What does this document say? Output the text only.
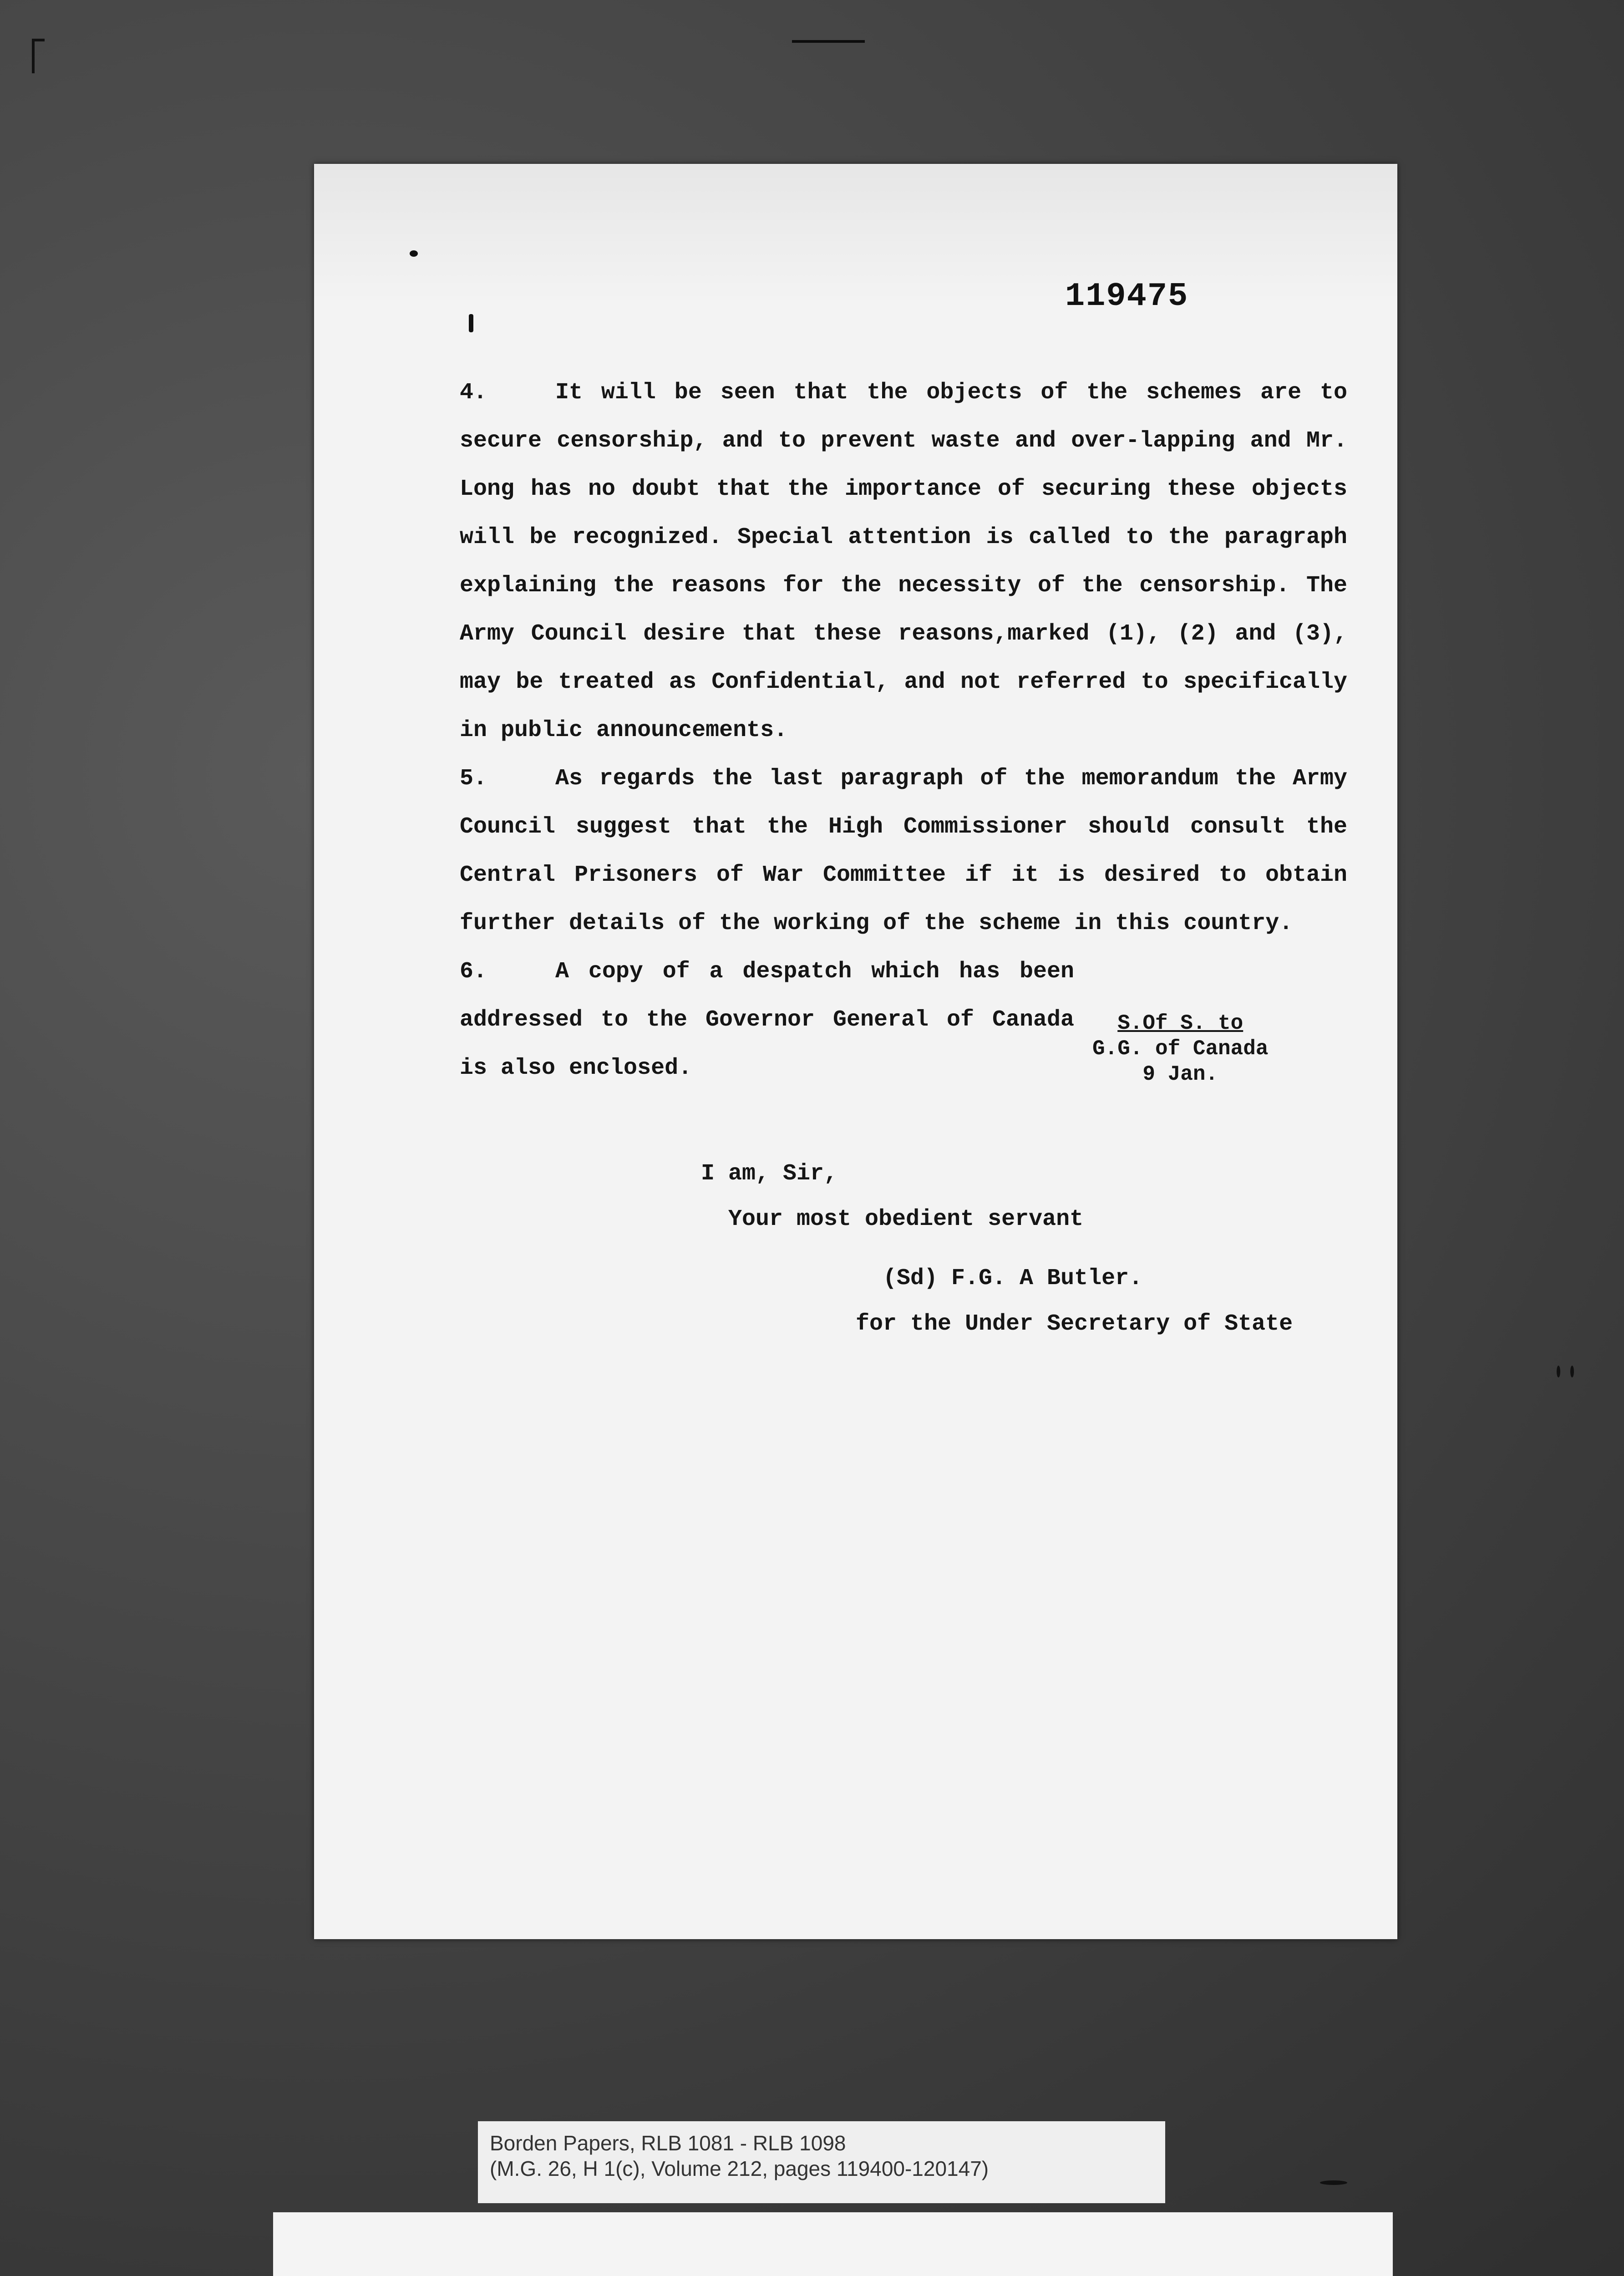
119475

4.	It will be seen that the objects of the schemes are to secure censorship, and to prevent waste and over-lapping and Mr. Long has no doubt that the importance of securing these objects will be recognized. Special attention is called to the paragraph explaining the reasons for the necessity of the censorship. The Army Council desire that these reasons,marked (1), (2) and (3), may be treated as Confidential, and not referred to specifically in public announcements.

5.	As regards the last paragraph of the memorandum the Army Council suggest that the High Commissioner should consult the Central Prisoners of War Committee if it is desired to obtain further details of the working of the scheme in this country.

6.	A copy of a despatch which has been addressed to the Governor General of Canada is also enclosed.

S.Of S. to
G.G. of Canada
9 Jan.
I am, Sir,
Your most obedient servant
(Sd) F.G. A Butler.
for the Under Secretary of State
Borden Papers, RLB 1081 - RLB 1098
(M.G. 26, H 1(c), Volume 212, pages 119400-120147)
